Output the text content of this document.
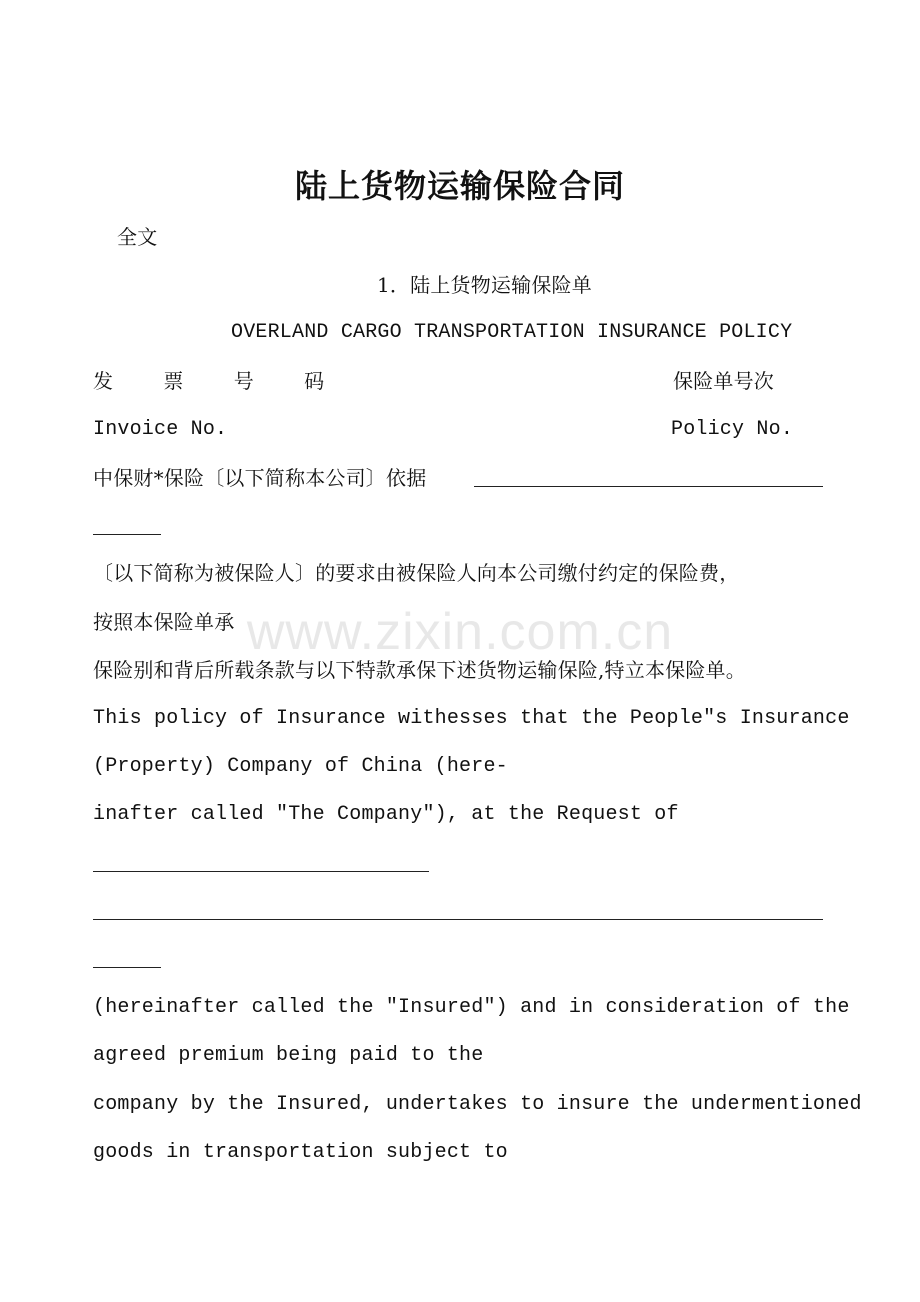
www.zixin.com.cn
陆上货物运输保险合同
全文
1．陆上货物运输保险单
OVERLAND CARGO TRANSPORTATION INSURANCE POLICY
发 票 号 码	保险单号次
Invoice No.	Policy No.
中保财*保险〔以下简称本公司〕依据
〔以下简称为被保险人〕的要求由被保险人向本公司缴付约定的保险费，
按照本保险单承
保险别和背后所载条款与以下特款承保下述货物运输保险,特立本保险单。
This policy of Insurance withesses that the People"s Insurance
(Property) Company of China (here-
inafter called "The Company"), at the Request of
(hereinafter called the "Insured") and in consideration of the
agreed premium being paid to the
company by the Insured, undertakes to insure the undermentioned
goods in transportation subject to
